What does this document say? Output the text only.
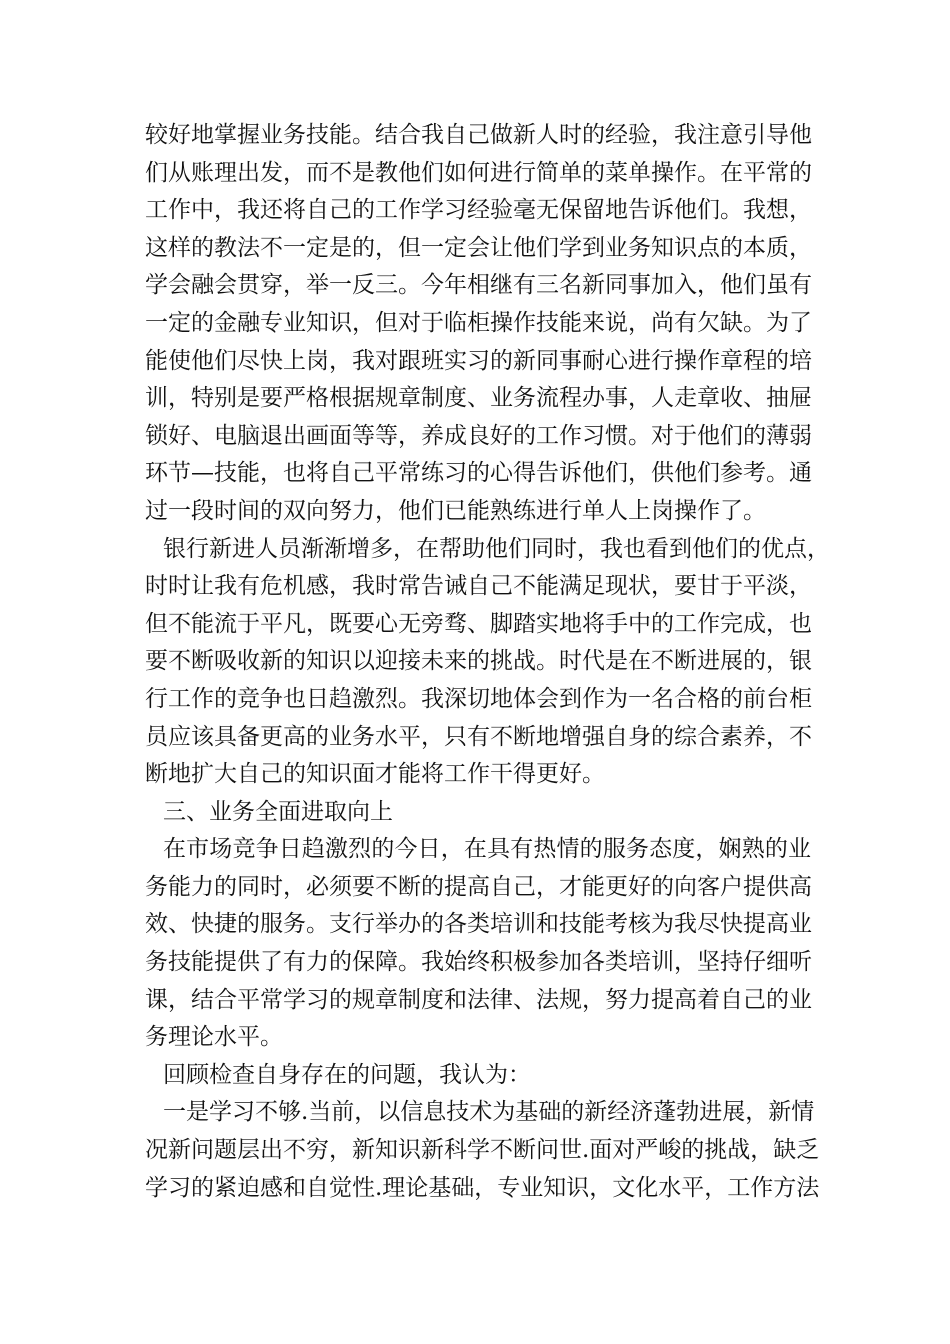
较好地掌握业务技能。结合我自己做新人时的经验，我注意引导他
们从账理出发，而不是教他们如何进行简单的菜单操作。在平常的
工作中，我还将自己的工作学习经验毫无保留地告诉他们。我想，
这样的教法不一定是的，但一定会让他们学到业务知识点的本质，
学会融会贯穿，举一反三。今年相继有三名新同事加入，他们虽有
一定的金融专业知识，但对于临柜操作技能来说，尚有欠缺。为了
能使他们尽快上岗，我对跟班实习的新同事耐心进行操作章程的培
训，特别是要严格根据规章制度、业务流程办事，人走章收、抽屉
锁好、电脑退出画面等等，养成良好的工作习惯。对于他们的薄弱
环节—技能，也将自己平常练习的心得告诉他们，供他们参考。通
过一段时间的双向努力，他们已能熟练进行单人上岗操作了。
银行新进人员渐渐增多，在帮助他们同时，我也看到他们的优点，
时时让我有危机感，我时常告诫自己不能满足现状，要甘于平淡，
但不能流于平凡，既要心无旁骛、脚踏实地将手中的工作完成，也
要不断吸收新的知识以迎接未来的挑战。时代是在不断进展的，银
行工作的竞争也日趋激烈。我深切地体会到作为一名合格的前台柜
员应该具备更高的业务水平，只有不断地增强自身的综合素养，不
断地扩大自己的知识面才能将工作干得更好。
三、业务全面进取向上
在市场竞争日趋激烈的今日，在具有热情的服务态度，娴熟的业
务能力的同时，必须要不断的提高自己，才能更好的向客户提供高
效、快捷的服务。支行举办的各类培训和技能考核为我尽快提高业
务技能提供了有力的保障。我始终积极参加各类培训，坚持仔细听
课，结合平常学习的规章制度和法律、法规，努力提高着自己的业
务理论水平。
回顾检查自身存在的问题，我认为：
一是学习不够.当前，以信息技术为基础的新经济蓬勃进展，新情
况新问题层出不穷，新知识新科学不断问世.面对严峻的挑战，缺乏
学习的紧迫感和自觉性.理论基础，专业知识，文化水平，工作方法
